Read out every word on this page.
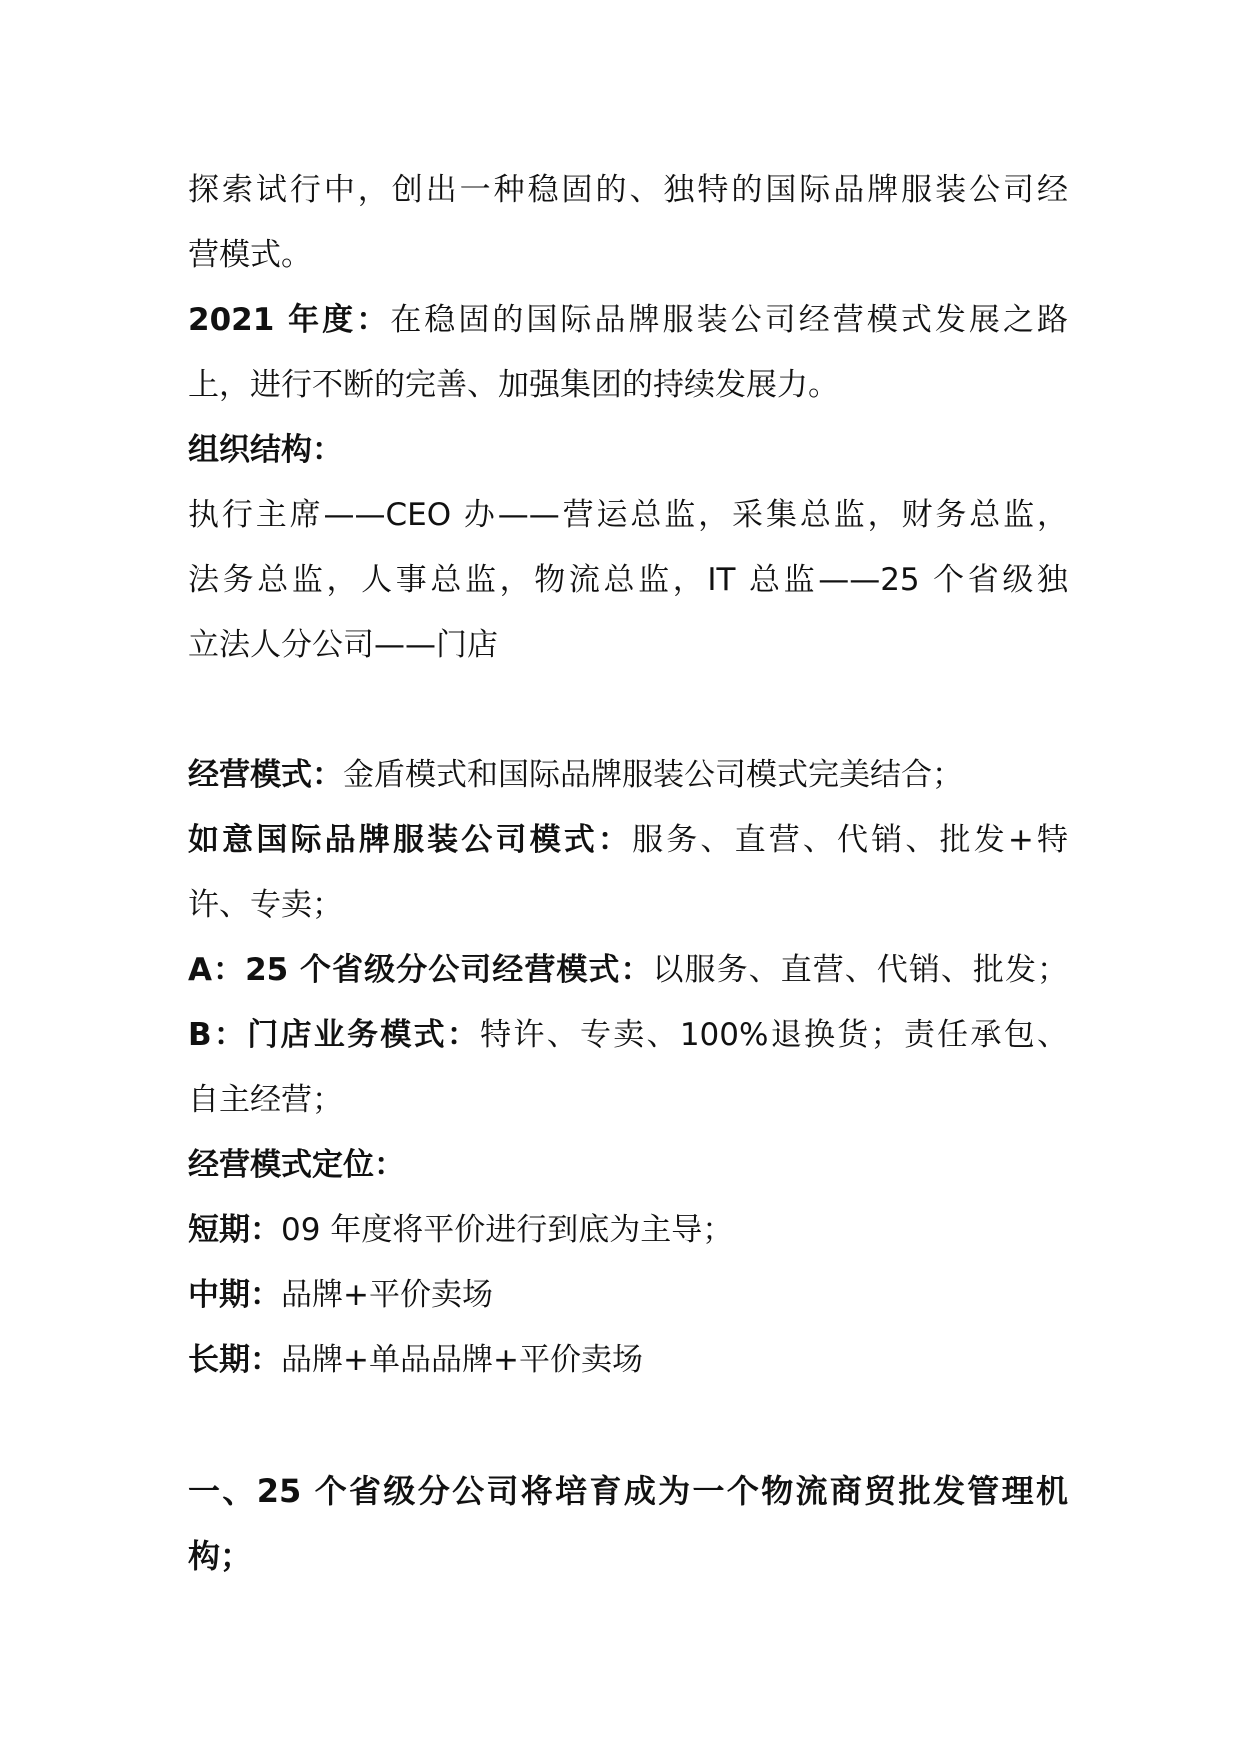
探索试行中，创出一种稳固的、独特的国际品牌服装公司经
营模式。
2021 年度：在稳固的国际品牌服装公司经营模式发展之路
上，进行不断的完善、加强集团的持续发展力。
组织结构：
执行主席——CEO 办——营运总监，采集总监，财务总监，
法务总监，人事总监，物流总监，IT 总监——25 个省级独
立法人分公司——门店
经营模式：金盾模式和国际品牌服装公司模式完美结合；
如意国际品牌服装公司模式：服务、直营、代销、批发+特
许、专卖；
A：25 个省级分公司经营模式：以服务、直营、代销、批发；
B：门店业务模式：特许、专卖、100%退换货；责任承包、
自主经营；
经营模式定位：
短期：09 年度将平价进行到底为主导；
中期：品牌+平价卖场
长期：品牌+单品品牌+平价卖场
一、25 个省级分公司将培育成为一个物流商贸批发管理机
构；
